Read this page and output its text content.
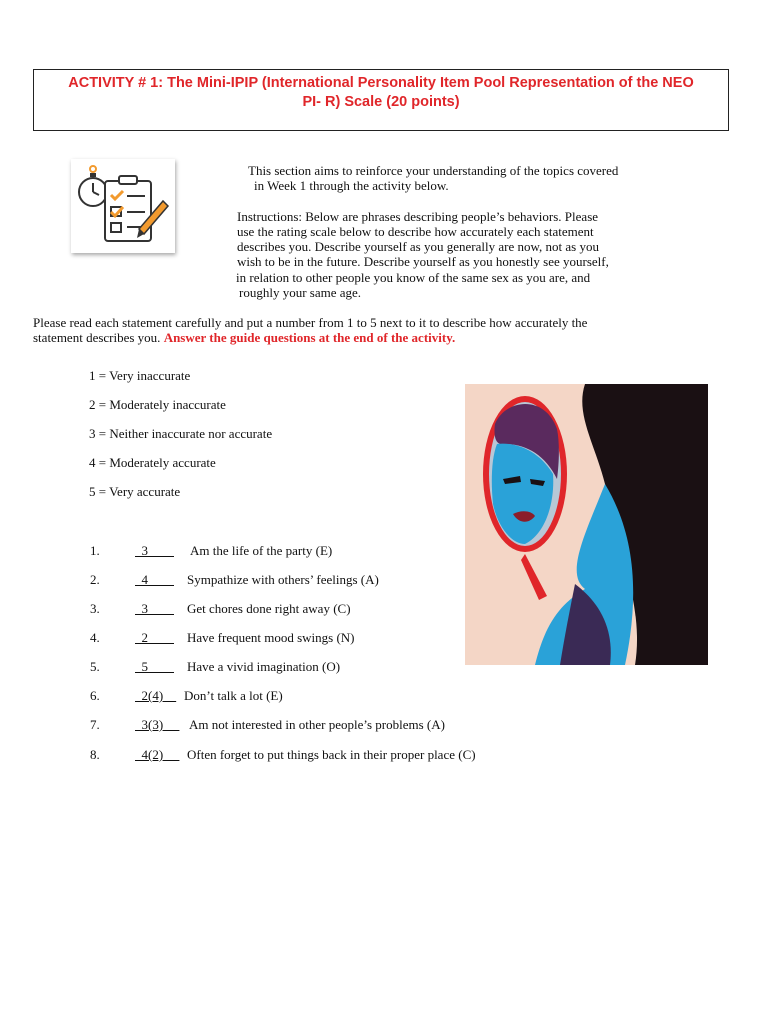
ACTIVITY # 1: The Mini-IPIP (International Personality Item Pool Representation of the NEO
PI- R) Scale (20 points)
This section aims to reinforce your understanding of the topics covered
in Week 1 through the activity below.
Instructions: Below are phrases describing people’s behaviors. Please
use the rating scale below to describe how accurately each statement
describes you. Describe yourself as you generally are now, not as you
wish to be in the future. Describe yourself as you honestly see yourself,
in relation to other people you know of the same sex as you are, and
roughly your same age.
Please read each statement carefully and put a number from 1 to 5 next to it to describe how accurately the
statement describes you. Answer the guide questions at the end of the activity.
1 = Very inaccurate
2 = Moderately inaccurate
3 = Neither inaccurate nor accurate
4 = Moderately accurate
5 = Very accurate
1.	3 Am the life of the party (E)
2.	4 Sympathize with others’ feelings (A)
3.	3 Get chores done right away (C)
4.	2 Have frequent mood swings (N)
5.	5 Have a vivid imagination (O)
6.	2(4) Don’t talk a lot (E)
7.	3(3) Am not interested in other people’s problems (A)
8.	4(2) Often forget to put things back in their proper place (C)
